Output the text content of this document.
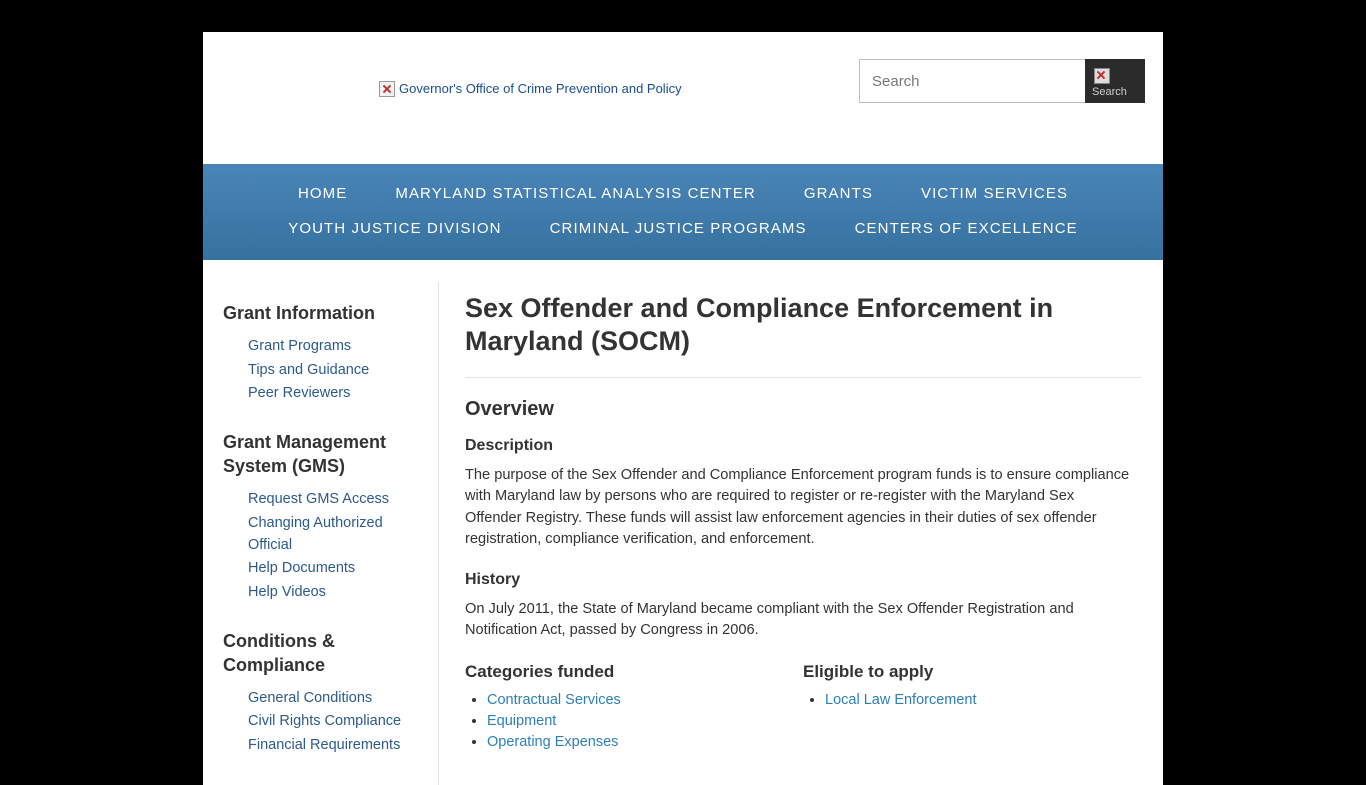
Governor's Office of Crime Prevention and Policy
Search	Search
HOME	MARYLAND STATISTICAL ANALYSIS CENTER	GRANTS	VICTIM SERVICES
YOUTH JUSTICE DIVISION	CRIMINAL JUSTICE PROGRAMS	CENTERS OF EXCELLENCE
Grant Information
Grant Programs
Tips and Guidance
Peer Reviewers
Grant Management System (GMS)
Request GMS Access
Changing Authorized Official
Help Documents
Help Videos
Conditions & Compliance
General Conditions
Civil Rights Compliance
Financial Requirements
Sex Offender and Compliance Enforcement in Maryland (SOCM)
Overview
Description

The purpose of the Sex Offender and Compliance Enforcement program funds is to ensure compliance with Maryland law by persons who are required to register or re-register with the Maryland Sex Offender Registry. These funds will assist law enforcement agencies in their duties of sex offender registration, compliance verification, and enforcement.

History

On July 2011, the State of Maryland became compliant with the Sex Offender Registration and Notification Act, passed by Congress in 2006.

Categories funded
• Contractual Services
• Equipment
• Operating Expenses
Eligible to apply
• Local Law Enforcement
